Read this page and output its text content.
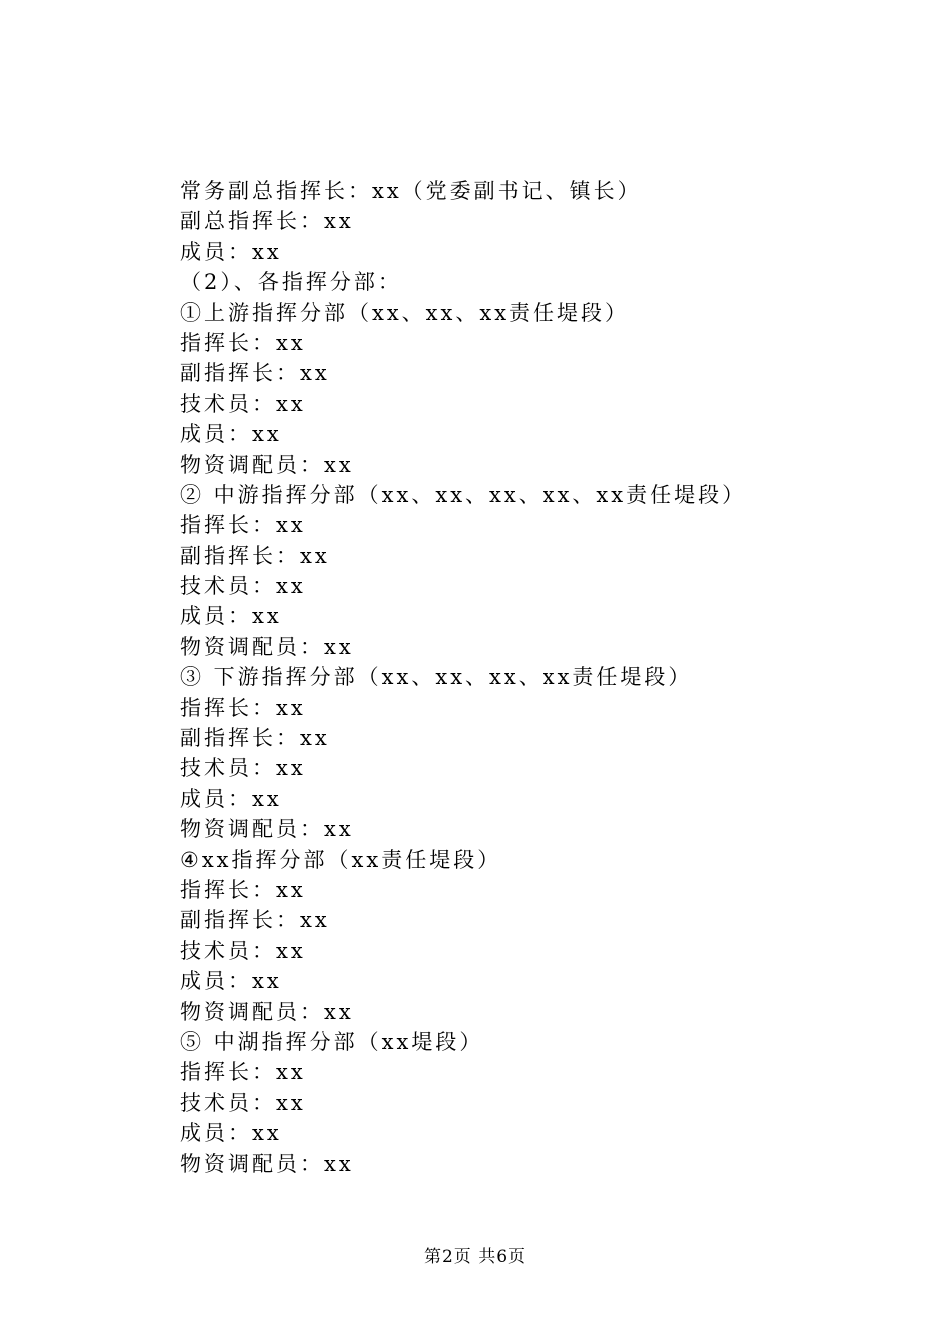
常务副总指挥长：xx（党委副书记、镇长）
副总指挥长：xx
成员：xx
（2）、各指挥分部：
①上游指挥分部（xx、xx、xx责任堤段）
指挥长：xx
副指挥长：xx
技术员：xx
成员：xx
物资调配员：xx
② 中游指挥分部（xx、xx、xx、xx、xx责任堤段）
指挥长：xx
副指挥长：xx
技术员：xx
成员：xx
物资调配员：xx
③ 下游指挥分部（xx、xx、xx、xx责任堤段）
指挥长：xx
副指挥长：xx
技术员：xx
成员：xx
物资调配员：xx
④xx指挥分部（xx责任堤段）
指挥长：xx
副指挥长：xx
技术员：xx
成员：xx
物资调配员：xx
⑤ 中湖指挥分部（xx堤段）
指挥长：xx
技术员：xx
成员：xx
物资调配员：xx
第2页 共6页
